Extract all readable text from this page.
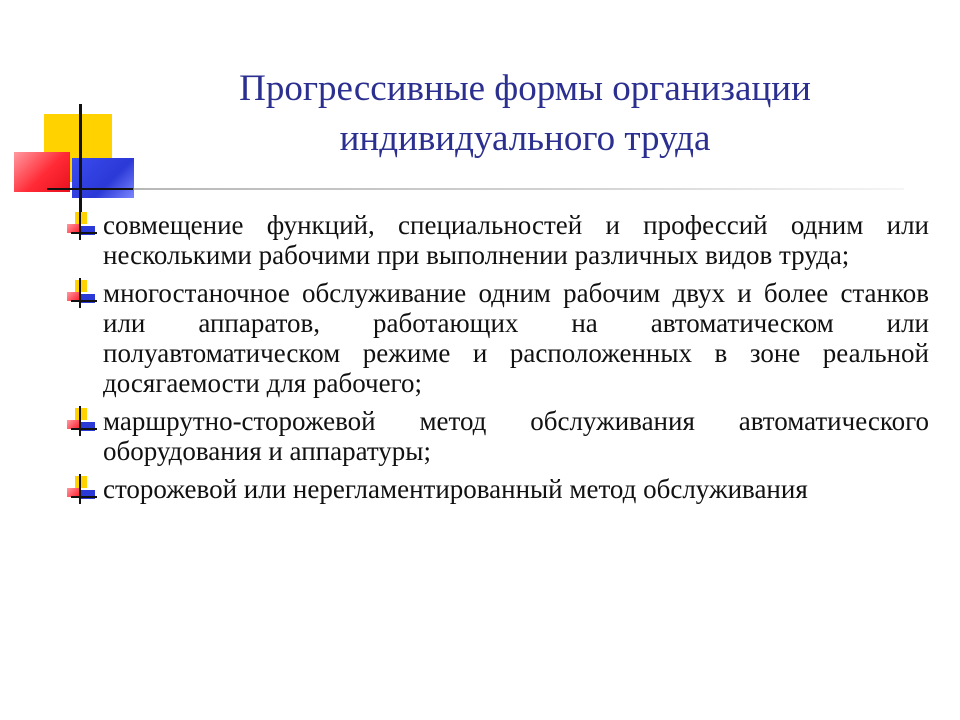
Прогрессивные формы организации
индивидуального труда
совмещение функций, специальностей и профессий одним или несколькими рабочими при выполнении различных видов труда;
многостаночное обслуживание одним рабочим двух и более станков или аппаратов, работающих на автоматическом или полуавтоматическом режиме и расположенных в зоне реальной досягаемости для рабочего;
маршрутно-сторожевой метод обслуживания автоматического оборудования и аппаратуры;
сторожевой или нерегламентированный метод обслуживания
